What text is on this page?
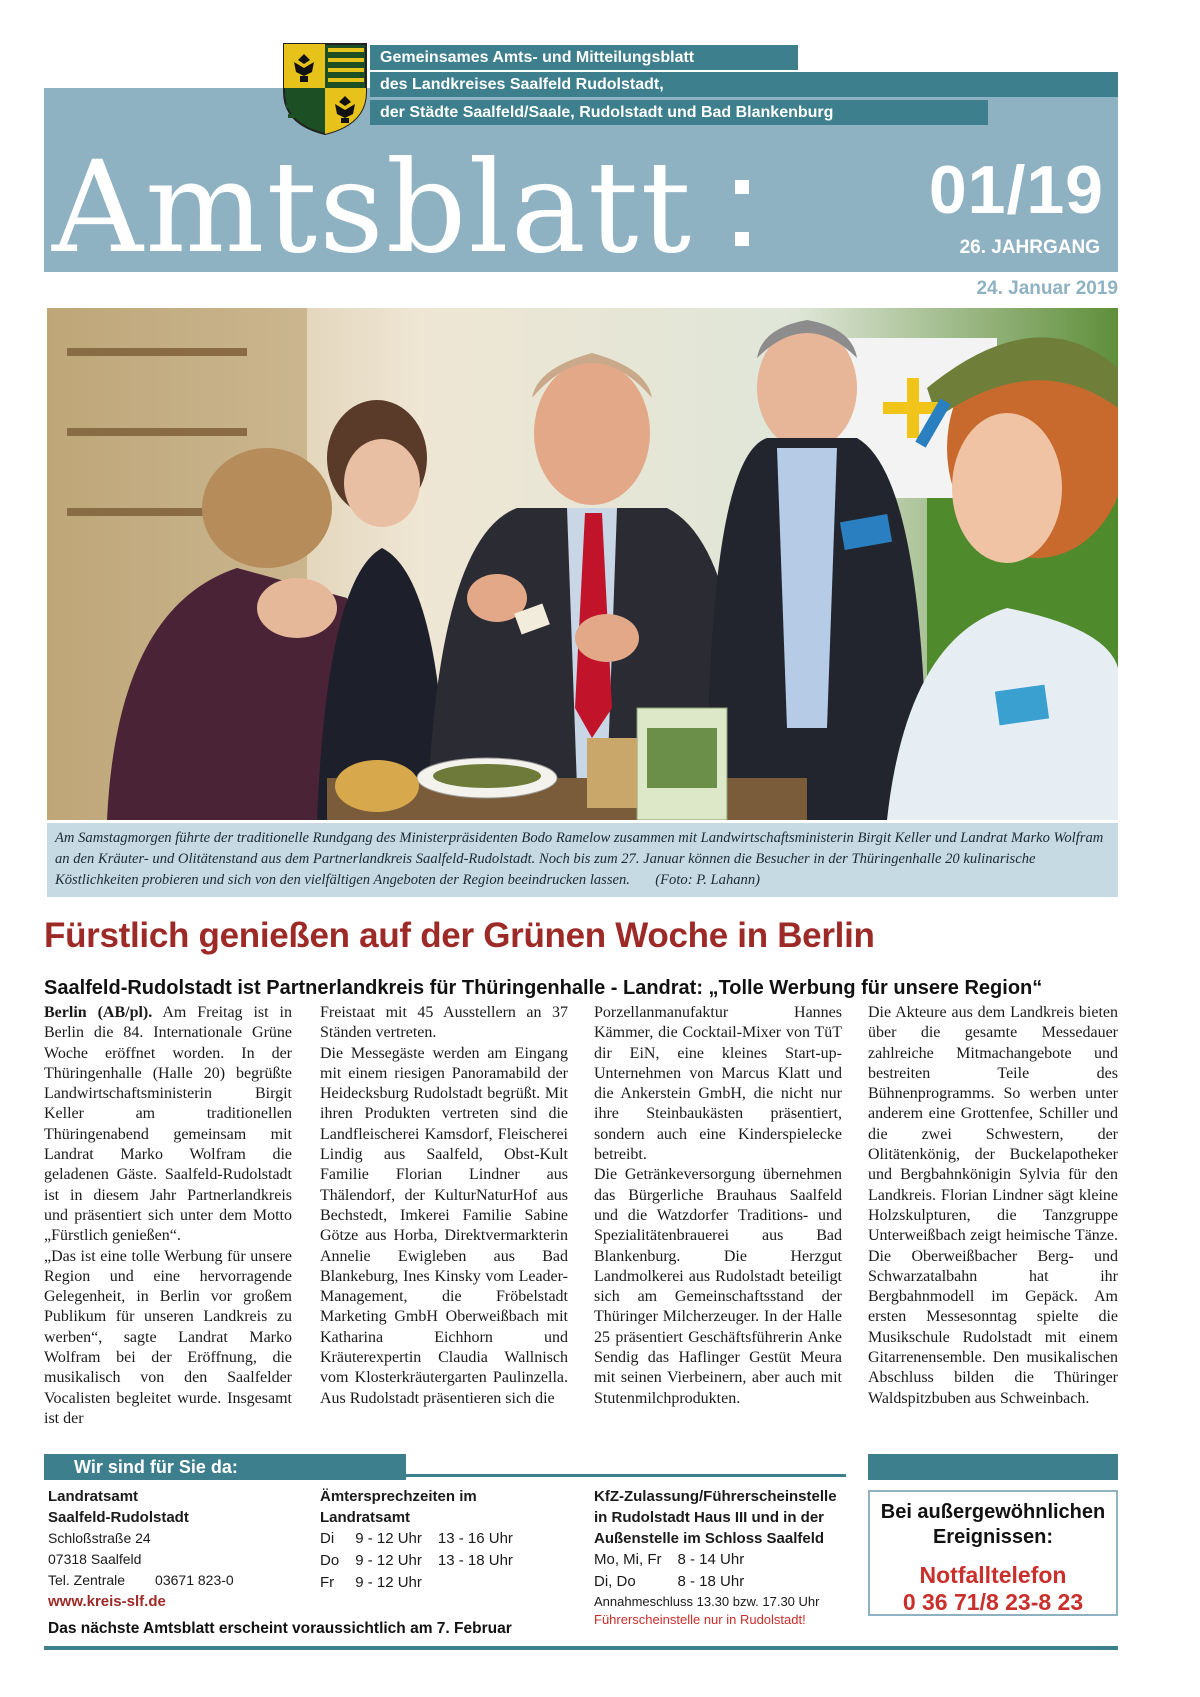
Gemeinsames Amts- und Mitteilungsblatt
des Landkreises Saalfeld Rudolstadt,
der Städte Saalfeld/Saale, Rudolstadt und Bad Blankenburg
Amtsblatt	01/19
26. JAHRGANG
24. Januar 2019
Am Samstagmorgen führte der traditionelle Rundgang des Ministerpräsidenten Bodo Ramelow zusammen mit Landwirtschaftsministerin Birgit Keller und Landrat Marko Wolfram an den Kräuter- und Olitätenstand aus dem Partnerlandkreis Saalfeld-Rudolstadt. Noch bis zum 27. Januar können die Besucher in der Thüringenhalle 20 kulinarische Köstlichkeiten probieren und sich von den vielfältigen Angeboten der Region beeindrucken lassen. (Foto: P. Lahann)
Fürstlich genießen auf der Grünen Woche in Berlin
Saalfeld-Rudolstadt ist Partnerlandkreis für Thüringenhalle - Landrat: „Tolle Werbung für unsere Region“

Berlin (AB/pl). Am Freitag ist in Berlin die 84. Internationale Grüne Woche eröffnet worden. In der Thüringenhalle (Halle 20) begrüßte Landwirtschaftsministerin Birgit Keller am traditionellen Thüringenabend gemeinsam mit Landrat Marko Wolfram die geladenen Gäste. Saalfeld-Rudolstadt ist in diesem Jahr Partnerlandkreis und präsentiert sich unter dem Motto „Fürstlich genießen“.

„Das ist eine tolle Werbung für unsere Region und eine hervorragende Gelegenheit, in Berlin vor großem Publikum für unseren Landkreis zu werben“, sagte Landrat Marko Wolfram bei der Eröffnung, die musikalisch von den Saalfelder Vocalisten begleitet wurde. Insgesamt ist der

Freistaat mit 45 Ausstellern an 37 Ständen vertreten.

Die Messegäste werden am Eingang mit einem riesigen Panoramabild der Heidecksburg Rudolstadt begrüßt. Mit ihren Produkten vertreten sind die Landfleischerei Kamsdorf, Fleischerei Lindig aus Saalfeld, Obst-Kult Familie Florian Lindner aus Thälendorf, der KulturNaturHof aus Bechstedt, Imkerei Familie Sabine Götze aus Horba, Direktvermarkterin Annelie Ewigleben aus Bad Blankeburg, Ines Kinsky vom Leader-Management, die Fröbelstadt Marketing GmbH Oberweißbach mit Katharina Eichhorn und Kräuterexpertin Claudia Wallnisch vom Klosterkräutergarten Paulinzella. Aus Rudolstadt präsentieren sich die

Porzellanmanufaktur Hannes Kämmer, die Cocktail-Mixer von TüT dir EiN, eine kleines Start-up-Unternehmen von Marcus Klatt und die Ankerstein GmbH, die nicht nur ihre Steinbaukästen präsentiert, sondern auch eine Kinderspielecke betreibt.

Die Getränkeversorgung übernehmen das Bürgerliche Brauhaus Saalfeld und die Watzdorfer Traditions- und Spezialitätenbrauerei aus Bad Blankenburg. Die Herzgut Landmolkerei aus Rudolstadt beteiligt sich am Gemeinschaftsstand der Thüringer Milcherzeuger. In der Halle 25 präsentiert Geschäftsführerin Anke Sendig das Haflinger Gestüt Meura mit seinen Vierbeinern, aber auch mit Stutenmilchprodukten.

Die Akteure aus dem Landkreis bieten über die gesamte Messedauer zahlreiche Mitmachangebote und bestreiten Teile des Bühnenprogramms. So werben unter anderem eine Grottenfee, Schiller und die zwei Schwestern, der Olitätenkönig, der Buckelapotheker und Bergbahnkönigin Sylvia für den Landkreis. Florian Lindner sägt kleine Holzskulpturen, die Tanzgruppe Unterweißbach zeigt heimische Tänze. Die Oberweißbacher Berg- und Schwarzatalbahn hat ihr Bergbahnmodell im Gepäck. Am ersten Messesonntag spielte die Musikschule Rudolstadt mit einem Gitarrenensemble. Den musikalischen Abschluss bilden die Thüringer Waldspitzbuben aus Schweinbach.

Wir sind für Sie da:
Landratsamt
Saalfeld-Rudolstadt
Schloßstraße 24
07318 Saalfeld
Tel. Zentrale 03671 823-0
www.kreis-slf.de
Ämtersprechzeiten im
Landratsamt
Di	9 - 12 Uhr	13 - 16 Uhr
Do	9 - 12 Uhr	13 - 18 Uhr
Fr	9 - 12 Uhr	
KfZ-Zulassung/Führerscheinstelle
in Rudolstadt Haus III und in der
Außenstelle im Schloss Saalfeld
Mo, Mi, Fr	8 - 14 Uhr
Di, Do	8 - 18 Uhr
Annahmeschluss 13.30 bzw. 17.30 Uhr
Führerscheinstelle nur in Rudolstadt!
Bei außergewöhnlichen
Ereignissen:
Notfalltelefon
0 36 71/8 23-8 23
Das nächste Amtsblatt erscheint voraussichtlich am 7. Februar
